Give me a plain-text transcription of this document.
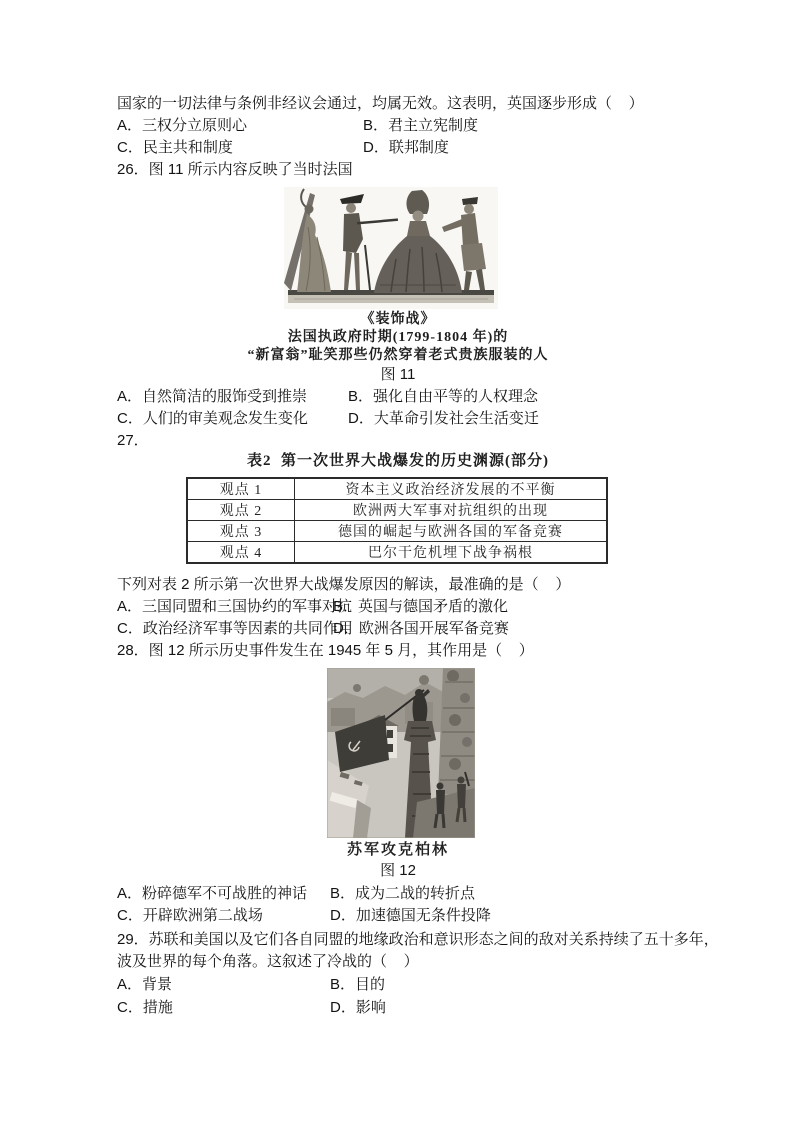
国家的一切法律与条例非经议会通过，均属无效。这表明，英国逐步形成（    ）
A．三权分立原则心	B．君主立宪制度
C．民主共和制度	D．联邦制度
26．图 11 所示内容反映了当时法国
《装饰战》
法国执政府时期(1799-1804 年)的
“新富翁”耻笑那些仍然穿着老式贵族服装的人
图 11
A．自然简洁的服饰受到推崇	B．强化自由平等的人权理念
C．人们的审美观念发生变化	D．大革命引发社会生活变迁
27．
表2  第一次世界大战爆发的历史渊源(部分)
观点 1	资本主义政治经济发展的不平衡
观点 2	欧洲两大军事对抗组织的出现
观点 3	德国的崛起与欧洲各国的军备竞赛
观点 4	巴尔干危机埋下战争祸根
下列对表 2 所示第一次世界大战爆发原因的解读，最准确的是（    ）
A．三国同盟和三国协约的军事对抗
B．英国与德国矛盾的激化
C．政治经济军事等因素的共同作用
D．欧洲各国开展军备竞赛
28．图 12 所示历史事件发生在 1945 年 5 月，其作用是（    ）
苏军攻克柏林
图 12
A．粉碎德军不可战胜的神话	B．成为二战的转折点
C．开辟欧洲第二战场	D．加速德国无条件投降
29．苏联和美国以及它们各自同盟的地缘政治和意识形态之间的敌对关系持续了五十多年，
波及世界的每个角落。这叙述了冷战的（    ）
A．背景	B．目的
C．措施	D．影响
